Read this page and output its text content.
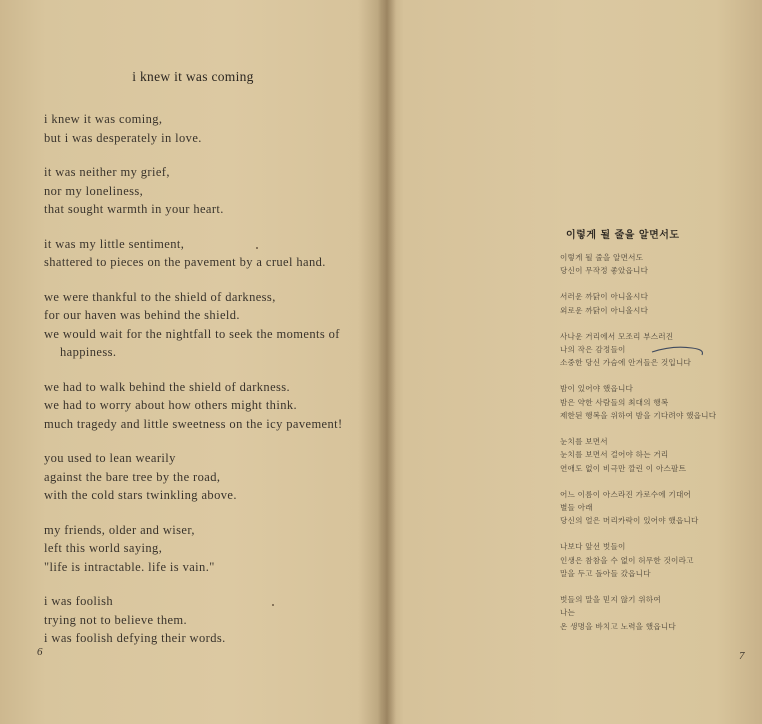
i knew it was coming
i knew it was coming,
but i was desperately in love.
it was neither my grief,
nor my loneliness,
that sought warmth in your heart.
it was my little sentiment,
shattered to pieces on the pavement by a cruel hand.
we were thankful to the shield of darkness,
for our haven was behind the shield.
we would wait for the nightfall to seek the moments of
happiness.
we had to walk behind the shield of darkness.
we had to worry about how others might think.
much tragedy and little sweetness on the icy pavement!
you used to lean wearily
against the bare tree by the road,
with the cold stars twinkling above.
my friends, older and wiser,
left this world saying,
"life is intractable. life is vain."
i was foolish
trying not to believe them.
i was foolish defying their words.
6
이렇게 될 줄을 알면서도
이렇게 될 줄을 알면서도
당신이 무작정 좋았읍니다
서러운 까닭이 아니올시다
외로운 까닭이 아니올시다
사나운 거리에서 모조리 부스러진
나의 작은 감정들이
소중한 당신 가슴에 안겨들은 것입니다
밤이 있어야 했읍니다
밤은 약한 사람들의 최대의 행복
제한된 행복을 위하여 밤을 기다려야 했읍니다
눈치를 보면서
눈치를 보면서 걸어야 하는 거리
연애도 없이 비극만 깔린 이 아스팔트
어느 이름이 아스라진 가로수에 기대어
별들 아래
당신의 얼은 머리카락이 있어야 했읍니다
나보다 앞선 벗들이
인생은 참참을 수 없이 허무한 것이라고
말을 두고 돌아들 갔읍니다
벗들의 말을 믿지 않기 위하여
나는
온 생명을 바치고 노력을 했읍니다
7
